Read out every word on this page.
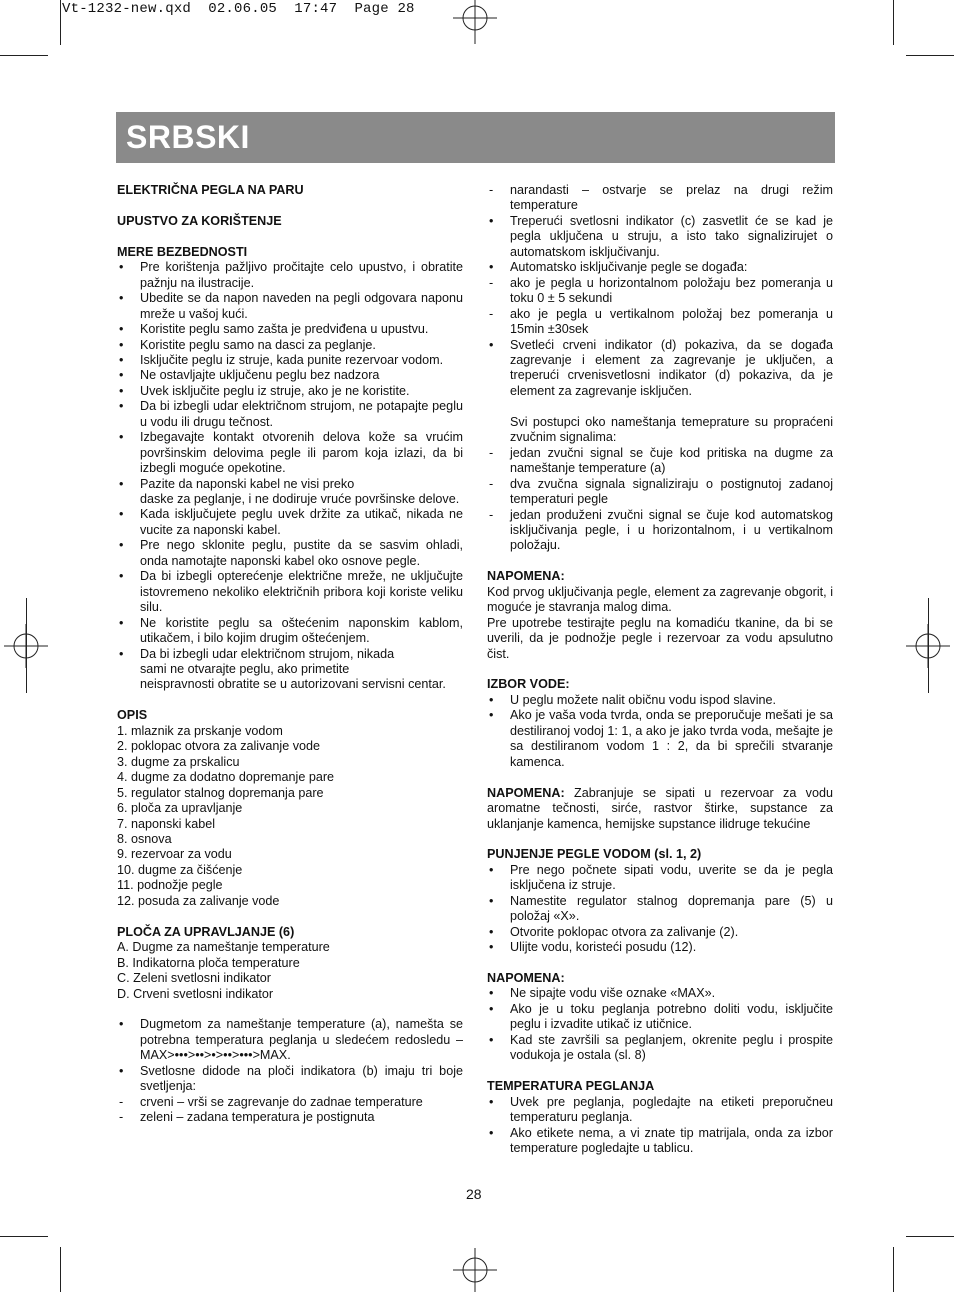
Vt-1232-new.qxd  02.06.05  17:47  Page 28
SRBSKI
ELEKTRIČNA PEGLA NA PARU
UPUSTVO ZA KORIŠTENJE
MERE BEZBEDNOSTI
• Pre korištenja pažljivo pročitajte celo upustvo, i obratite pažnju na ilustracije.
• Ubedite se da napon naveden na pegli odgovara naponu mreže u vašoj kući.
• Koristite peglu samo zašta je predviđena u upustvu.
• Koristite peglu samo na dasci za peglanje.
• Isključite peglu iz struje, kada punite rezervoar vodom.
• Ne ostavljajte uključenu peglu bez nadzora
• Uvek isključite peglu iz struje, ako je ne koristite.
• Da bi izbegli udar električnom strujom, ne potapajte peglu u vodu ili drugu tečnost.
• Izbegavajte kontakt otvorenih delova kože sa vrućim površinskim delovima pegle ili parom koja izlazi, da bi izbegli moguće opekotine.
• Pazite da naponski kabel ne visi preko
daske za peglanje, i ne dodiruje vruće površinske delove.
• Kada isključujete peglu uvek držite za utikač, nikada ne vucite za naponski kabel.
• Pre nego sklonite peglu, pustite da se sasvim ohladi, onda namotajte naponski kabel oko osnove pegle.
• Da bi izbegli opterećenje električne mreže, ne uključujte istovremeno nekoliko električnih pribora koji koriste veliku silu.
• Ne koristite peglu sa oštećenim naponskim kablom, utikačem, i bilo kojim drugim oštećenjem.
• Da bi izbegli udar električnom strujom, nikada
sami ne otvarajte peglu, ako primetite
neispravnosti obratite se u autorizovani servisni centar.
OPIS
1. mlaznik za prskanje vodom
2. poklopac otvora za zalivanje vode
3. dugme za prskalicu
4. dugme za dodatno dopremanje pare
5. regulator stalnog dopremanja pare
6. ploča za upravljanje
7. naponski kabel
8. osnova
9. rezervoar za vodu
10. dugme za čišćenje
11. podnožje pegle
12. posuda za zalivanje vode
PLOČA ZA UPRAVLJANJE (6)
A. Dugme za nameštanje temperature
B. Indikatorna ploča temperature
C. Zeleni svetlosni indikator
D. Crveni svetlosni indikator
• Dugmetom za nameštanje temperature (a), namešta se potrebna temperatura peglanja u sledećem redosledu – MAX>•••>••>•>••>•••>MAX.
• Svetlosne didode na ploči indikatora (b) imaju tri boje svetljenja:
- crveni – vrši se zagrevanje do zadnae temperature
- zeleni – zadana temperatura je postignuta
- narandasti – ostvarje se prelaz na drugi režim temperature
• Treperući svetlosni indikator (c) zasvetlit će se kad je pegla uključena u struju, a isto tako signalizirujet o automatskom isključivanju.
• Automatsko isključivanje pegle se događa:
- ako je pegla u horizontalnom položaju bez pomeranja u toku 0 ± 5 sekundi
- ako je pegla u vertikalnom položaj bez pomeranja u 15min ±30sek
• Svetleći crveni indikator (d) pokaziva, da se događa zagrevanje i element za zagrevanje je uključen, a treperući crvenisvetlosni indikator (d) pokaziva, da je element za zagrevanje isključen.
Svi postupci oko nameštanja temeprature su propraćeni zvučnim signalima:
- jedan zvučni signal se čuje kod pritiska na dugme za nameštanje temperature (a)
- dva zvučna signala signaliziraju o postignutoj zadanoj temperaturi pegle
- jedan produženi zvučni signal se čuje kod automatskog isključivanja pegle, i u horizontalnom, i u vertikalnom položaju.
NAPOMENA:
Kod prvog uključivanja pegle, element za zagrevanje obgorit, i moguće je stavranja malog dima.
Pre upotrebe testirajte peglu na komadiću tkanine, da bi se uverili, da je podnožje pegle i rezervoar za vodu apsulutno čist.
IZBOR VODE:
• U peglu možete nalit običnu vodu ispod slavine.
• Ako je vaša voda tvrda, onda se preporučuje mešati je sa destiliranoj vodoj 1: 1, a ako je jako tvrda voda, mešajte je sa destiliranom vodom 1 : 2, da bi sprečili stvaranje kamenca.
NAPOMENA: Zabranjuje se sipati u rezervoar za vodu aromatne tečnosti, sirće, rastvor štirke, supstance za uklanjanje kamenca, hemijske supstance ilidruge tekućine
PUNJENJE PEGLE VODOM (sl. 1, 2)
• Pre nego počnete sipati vodu, uverite se da je pegla isključena iz struje.
• Namestite regulator stalnog dopremanja pare (5) u položaj «X».
• Otvorite poklopac otvora za zalivanje (2).
• Ulijte vodu, koristeći posudu (12).
NAPOMENA:
• Ne sipajte vodu više oznake «MAX».
• Ako je u toku peglanja potrebno doliti vodu, isključite peglu i izvadite utikač iz utičnice.
• Kad ste završili sa peglanjem, okrenite peglu i prospite vodukoja je ostala (sl. 8)
TEMPERATURA PEGLANJA
• Uvek pre peglanja, pogledajte na etiketi preporučneu temperaturu peglanja.
• Ako etikete nema, a vi znate tip matrijala, onda za izbor temperature pogledajte u tablicu.
28
